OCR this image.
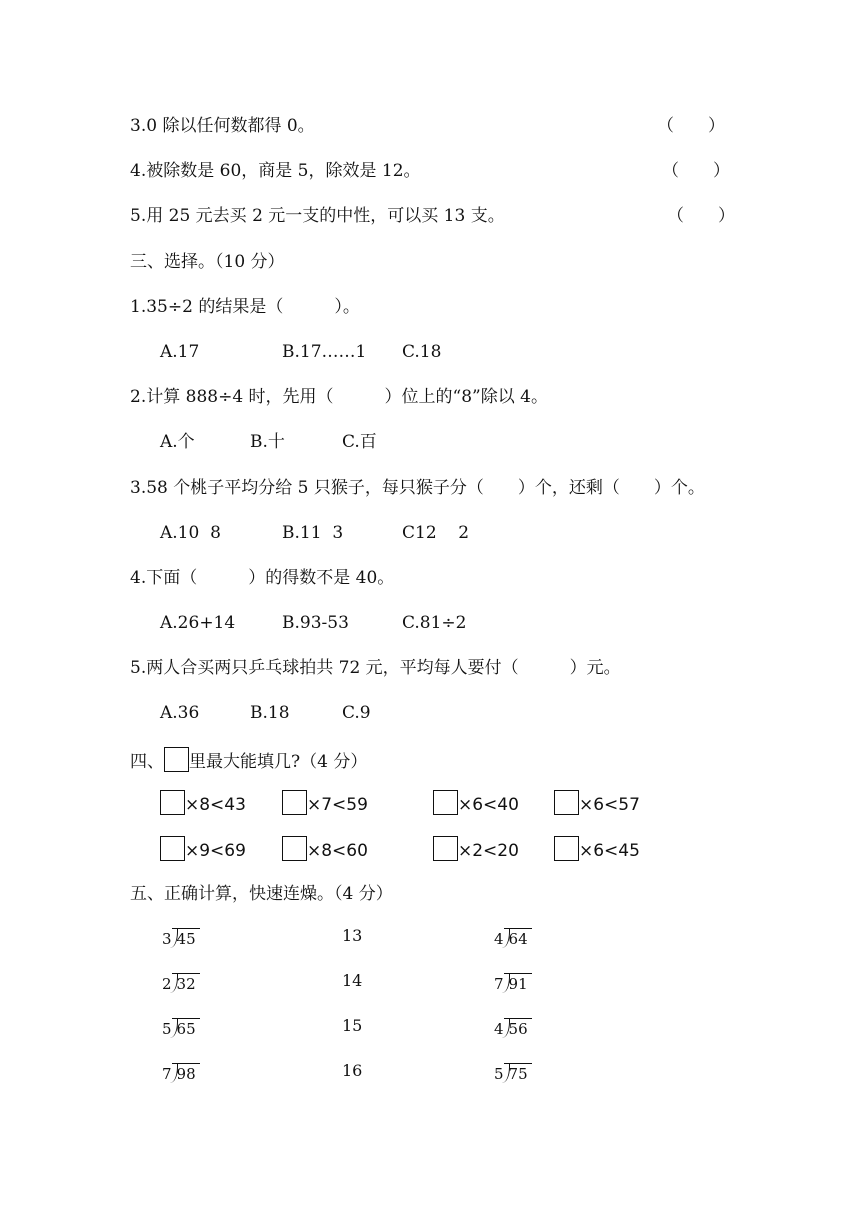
3.0 除以任何数都得 0。	（　　）
4.被除数是 60，商是 5，除效是 12。	（　　）
5.用 25 元去买 2 元一支的中性，可以买 13 支。	（　　）
三、选择。（10 分）
1.35÷2 的结果是（　　　）。
A.17	B.17……1 C.18
2.计算 888÷4 时，先用（　　　）位上的“8”除以 4。
A.个	B.十	C.百
3.58 个桃子平均分给 5 只猴子，每只猴子分（　　）个，还剩（　　）个。
A.10  8	B.11  3	C12    2
4.下面（　　　）的得数不是 40。
A.26+14	B.93-53	C.81÷2
5.两人合买两只乒乓球拍共 72 元，平均每人要付（　　　）元。
A.36	B.18	C.9
四、 里最大能填几?（4 分）
×8<43	×7<59	×6<40	×6<57
×9<69	×8<60	×2<20	×6<45
五、正确计算，快速连燥。（4 分）
3 45	13	4 64
2 32	14	7 91
5 65	15	4 56
7 98	16	5 75
